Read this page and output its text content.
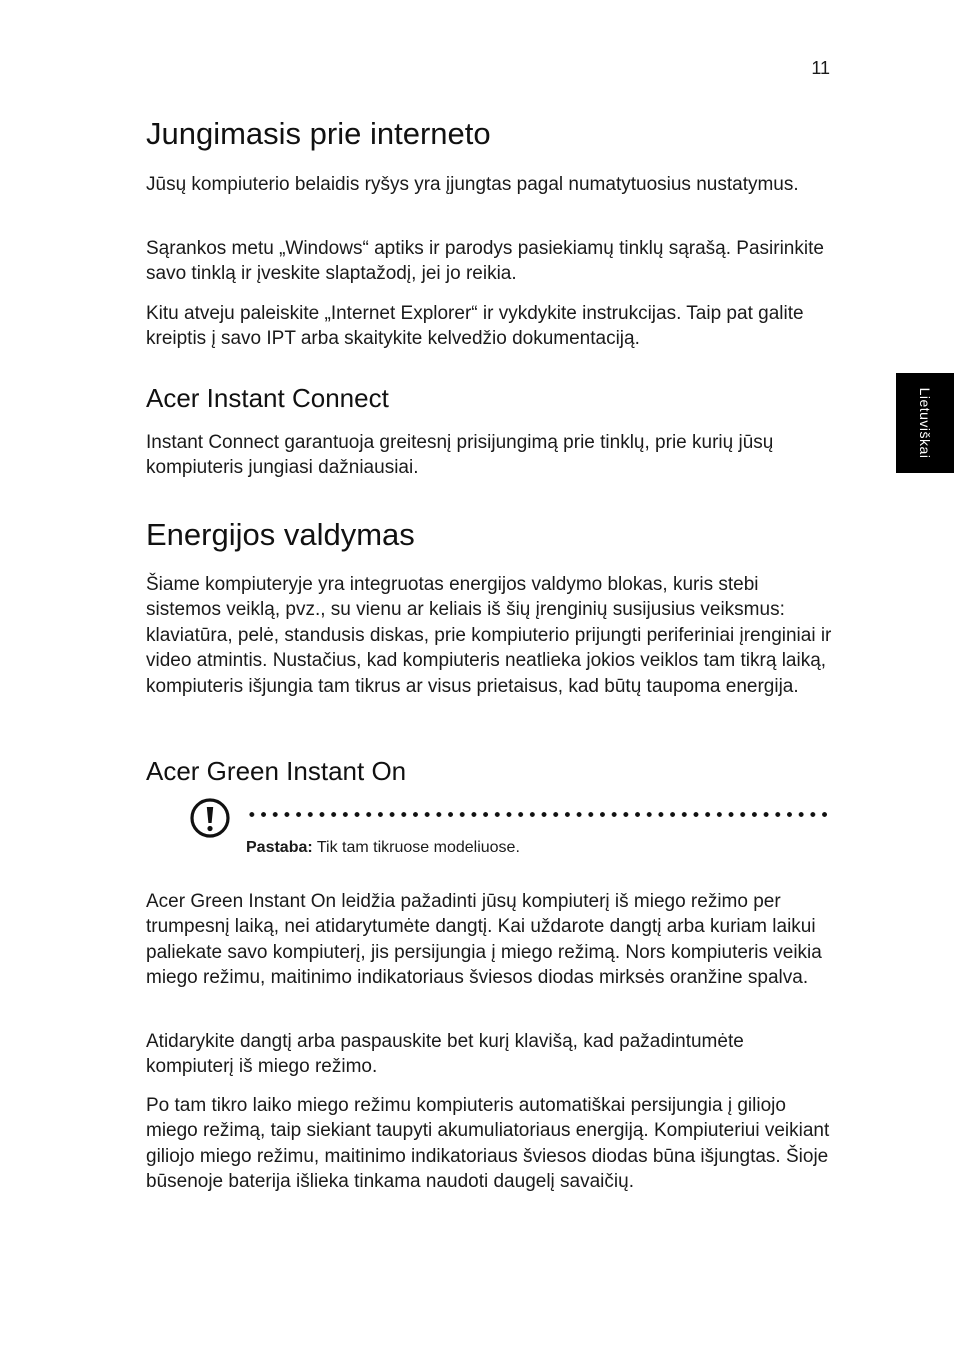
11
Lietuviškai
Jungimasis prie interneto

Jūsų kompiuterio belaidis ryšys yra įjungtas pagal numatytuosius nustatymus.

Sąrankos metu „Windows“ aptiks ir parodys pasiekiamų tinklų sąrašą. Pasirinkite savo tinklą ir įveskite slaptažodį, jei jo reikia.

Kitu atveju paleiskite „Internet Explorer“ ir vykdykite instrukcijas. Taip pat galite kreiptis į savo IPT arba skaitykite kelvedžio dokumentaciją.

Acer Instant Connect

Instant Connect garantuoja greitesnį prisijungimą prie tinklų, prie kurių jūsų kompiuteris jungiasi dažniausiai.

Energijos valdymas

Šiame kompiuteryje yra integruotas energijos valdymo blokas, kuris stebi sistemos veiklą, pvz., su vienu ar keliais iš šių įrenginių susijusius veiksmus: klaviatūra, pelė, standusis diskas, prie kompiuterio prijungti periferiniai įrenginiai ir video atmintis. Nustačius, kad kompiuteris neatlieka jokios veiklos tam tikrą laiką, kompiuteris išjungia tam tikrus ar visus prietaisus, kad būtų taupoma energija.

Acer Green Instant On

Acer Green Instant On leidžia pažadinti jūsų kompiuterį iš miego režimo per trumpesnį laiką, nei atidarytumėte dangtį. Kai uždarote dangtį arba kuriam laikui paliekate savo kompiuterį, jis persijungia į miego režimą. Nors kompiuteris veikia miego režimu, maitinimo indikatoriaus šviesos diodas mirksės oranžine spalva.

Atidarykite dangtį arba paspauskite bet kurį klavišą, kad pažadintumėte kompiuterį iš miego režimo.

Po tam tikro laiko miego režimu kompiuteris automatiškai persijungia į giliojo miego režimą, taip siekiant taupyti akumuliatoriaus energiją. Kompiuteriui veikiant giliojo miego režimu, maitinimo indikatoriaus šviesos diodas būna išjungtas. Šioje būsenoje baterija išlieka tinkama naudoti daugelį savaičių.

Pastaba: Tik tam tikruose modeliuose.
